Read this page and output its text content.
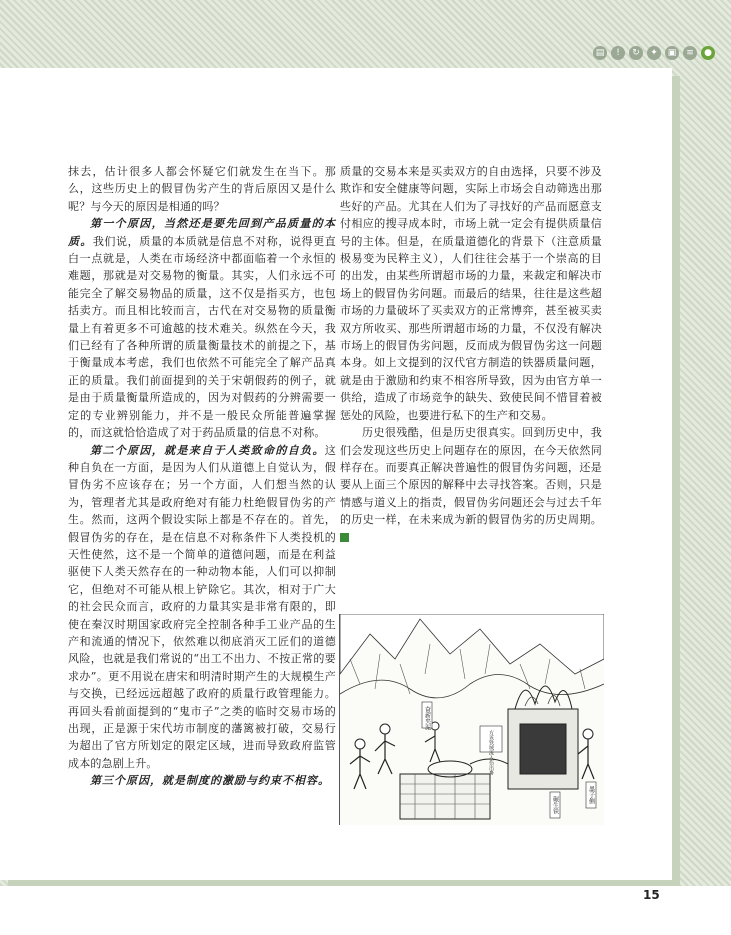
▤	!	↻	✦	▣	≡	●

抹去，估计很多人都会怀疑它们就发生在当下。那么，这些历史上的假冒伪劣产生的背后原因又是什么呢？与今天的原因是相通的吗？

第一个原因，当然还是要先回到产品质量的本质。我们说，质量的本质就是信息不对称，说得更直白一点就是，人类在市场经济中都面临着一个永恒的难题，那就是对交易物的衡量。其实，人们永远不可能完全了解交易物品的质量，这不仅是指买方，也包括卖方。而且相比较而言，古代在对交易物的质量衡量上有着更多不可逾越的技术难关。纵然在今天，我们已经有了各种所谓的质量衡量技术的前提之下，基于衡量成本考虑，我们也依然不可能完全了解产品真正的质量。我们前面提到的关于宋朝假药的例子，就是由于质量衡量所造成的，因为对假药的分辨需要一定的专业辨别能力，并不是一般民众所能普遍掌握的，而这就恰恰造成了对于药品质量的信息不对称。

第二个原因，就是来自于人类致命的自负。这种自负在一方面，是因为人们从道德上自觉认为，假冒伪劣不应该存在；另一个方面，人们想当然的认为，管理者尤其是政府绝对有能力杜绝假冒伪劣的产生。然而，这两个假设实际上都是不存在的。首先，假冒伪劣的存在，是在信息不对称条件下人类投机的天性使然，这不是一个简单的道德问题，而是在利益驱使下人类天然存在的一种动物本能，人们可以抑制它，但绝对不可能从根上铲除它。其次，相对于广大的社会民众而言，政府的力量其实是非常有限的，即使在秦汉时期国家政府完全控制各种手工业产品的生产和流通的情况下，依然难以彻底消灭工匠们的道德风险，也就是我们常说的“出工不出力、不按正常的要求办”。更不用说在唐宋和明清时期产生的大规模生产与交换，已经远远超越了政府的质量行政管理能力。再回头看前面提到的“鬼市子”之类的临时交易市场的出现，正是源于宋代坊市制度的藩篱被打破，交易行为超出了官方所划定的限定区域，进而导致政府监管成本的急剧上升。

第三个原因，就是制度的激励与约束不相容。

质量的交易本来是买卖双方的自由选择，只要不涉及欺诈和安全健康等问题，实际上市场会自动筛选出那些好的产品。尤其在人们为了寻找好的产品而愿意支付相应的搜寻成本时，市场上就一定会有提供质量信号的主体。但是，在质量道德化的背景下（注意质量极易变为民粹主义），人们往往会基于一个崇高的目的出发，由某些所谓超市场的力量，来裁定和解决市场上的假冒伪劣问题。而最后的结果，往往是这些超市场的力量破坏了买卖双方的正常博弈，甚至被买卖双方所收买、那些所谓超市场的力量，不仅没有解决市场上的假冒伪劣问题，反而成为假冒伪劣这一问题本身。如上文提到的汉代官方制造的铁器质量问题，就是由于激励和约束不相容所导致，因为由官方单一供给，造成了市场竞争的缺失、致使民间不惜冒着被惩处的风险，也要进行私下的生产和交易。

历史很残酷，但是历史很真实。回到历史中，我们会发现这些历史上问题存在的原因，在今天依然同样存在。而要真正解决普遍性的假冒伪劣问题，还是要从上面三个原因的解释中去寻找答案。否则，只是情感与道义上的指责，假冒伪劣问题还会与过去千年的历史一样，在未来成为新的假冒伪劣的历史周期。▶

奋薪夹泥
方该铁域流入伤出畜
碾生铁
墨子侧
15
